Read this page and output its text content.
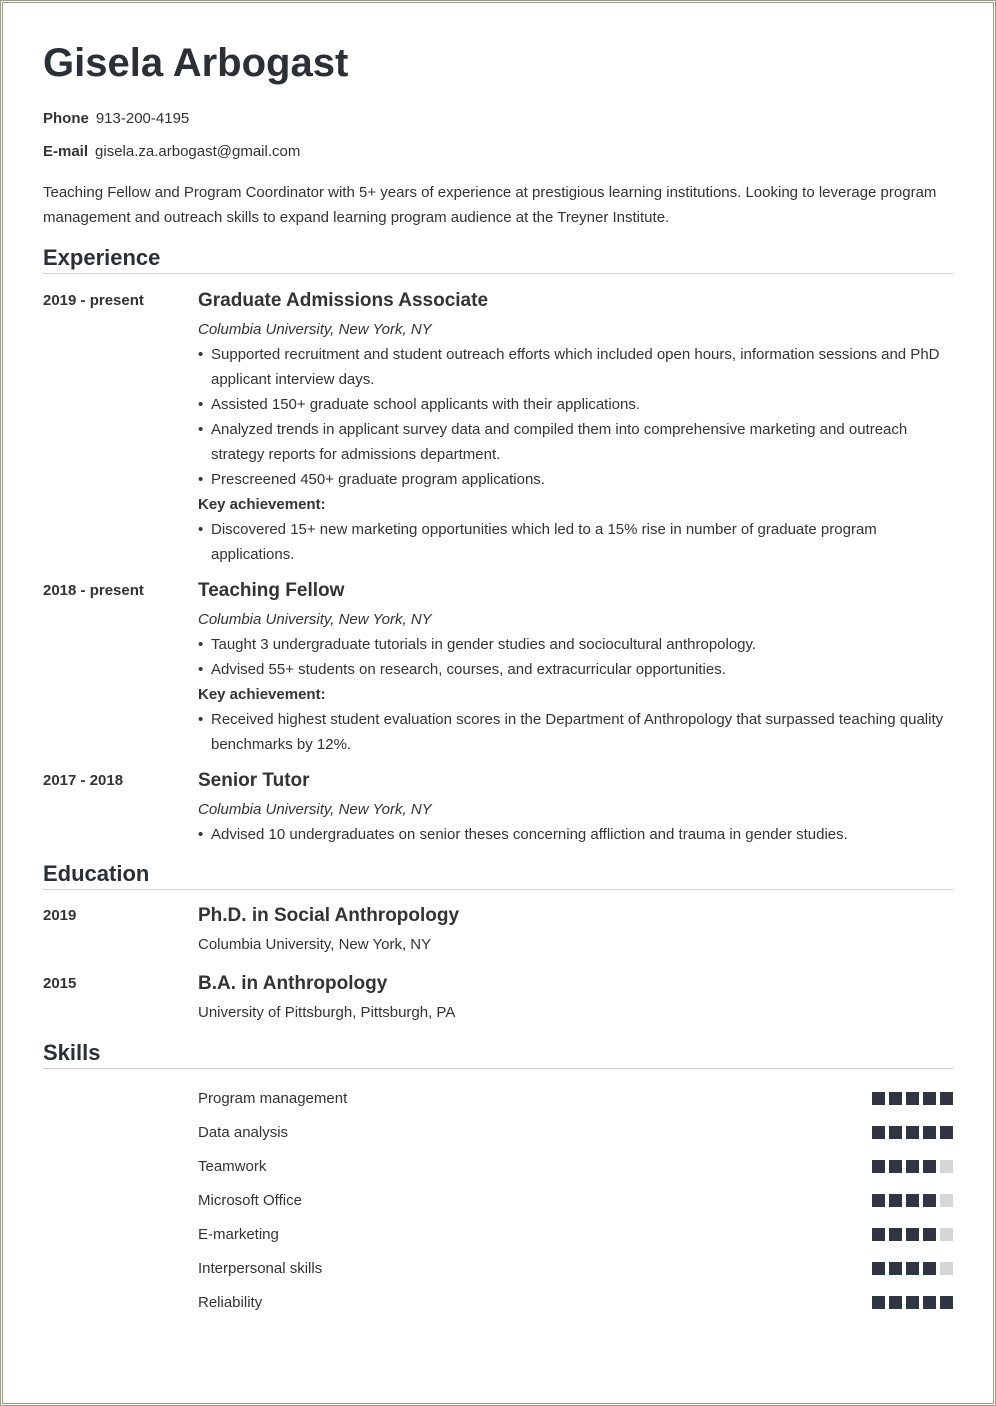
Gisela Arbogast
Phone 913-200-4195
E-mail gisela.za.arbogast@gmail.com

Teaching Fellow and Program Coordinator with 5+ years of experience at prestigious learning institutions. Looking to leverage program management and outreach skills to expand learning program audience at the Treyner Institute.

Experience
2019 - present	Graduate Admissions Associate
Columbia University, New York, NY
• Supported recruitment and student outreach efforts which included open hours, information sessions and PhD applicant interview days.
• Assisted 150+ graduate school applicants with their applications.
• Analyzed trends in applicant survey data and compiled them into comprehensive marketing and outreach strategy reports for admissions department.
• Prescreened 450+ graduate program applications.
Key achievement:
• Discovered 15+ new marketing opportunities which led to a 15% rise in number of graduate program applications.
2018 - present	Teaching Fellow
Columbia University, New York, NY
• Taught 3 undergraduate tutorials in gender studies and sociocultural anthropology.
• Advised 55+ students on research, courses, and extracurricular opportunities.
Key achievement:
• Received highest student evaluation scores in the Department of Anthropology that surpassed teaching quality benchmarks by 12%.
2017 - 2018	Senior Tutor
Columbia University, New York, NY
• Advised 10 undergraduates on senior theses concerning affliction and trauma in gender studies.
Education
2019	Ph.D. in Social Anthropology
Columbia University, New York, NY
2015	B.A. in Anthropology
University of Pittsburgh, Pittsburgh, PA
Skills
Program management
Data analysis
Teamwork
Microsoft Office
E-marketing
Interpersonal skills
Reliability
